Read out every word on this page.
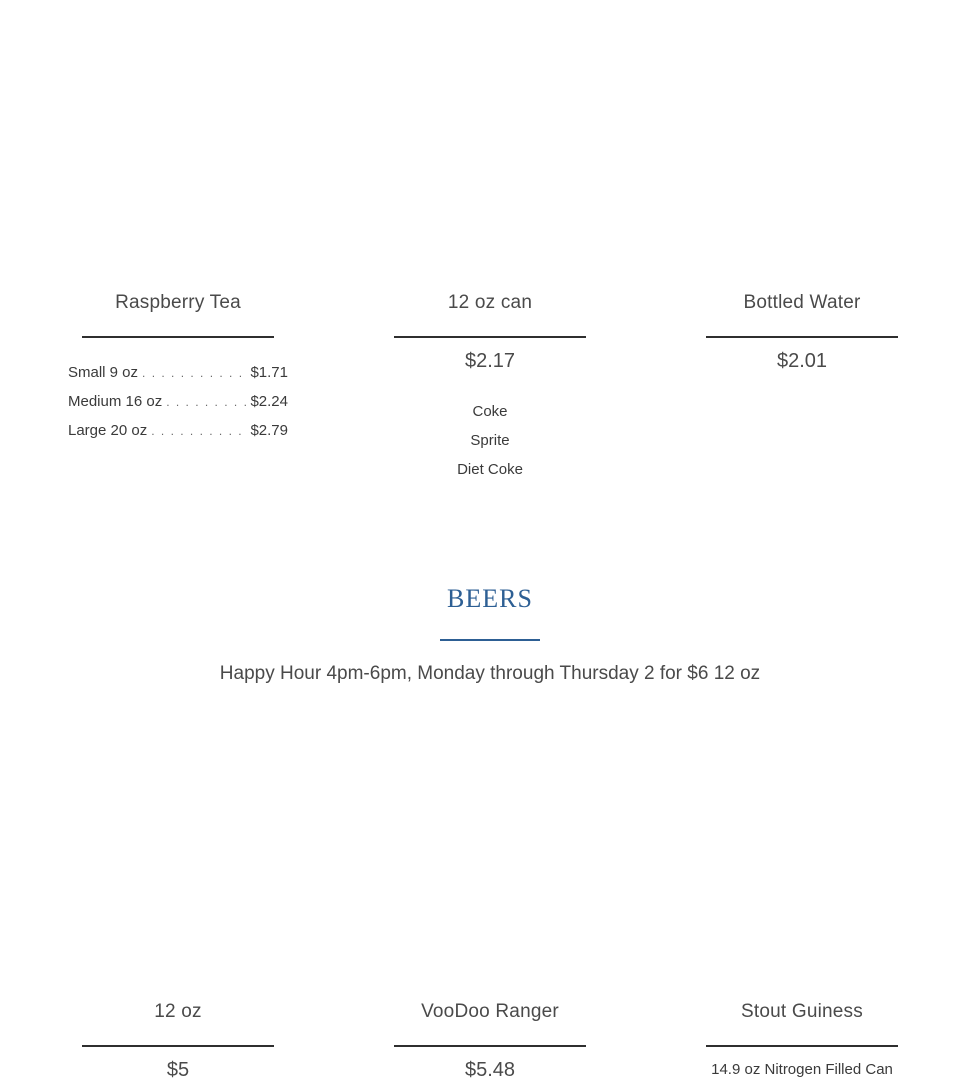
Raspberry Tea
Small 9 oz . . .	$1.71
Medium 16 oz . . .	$2.24
Large 20 oz . . .	$2.79
12 oz can
$2.17
Coke
Sprite
Diet Coke
Bottled Water
$2.01
BEERS
Happy Hour 4pm-6pm, Monday through Thursday 2 for $6 12 oz
12 oz
$5
VooDoo Ranger
$5.48
Stout Guiness
14.9 oz Nitrogen Filled Can
